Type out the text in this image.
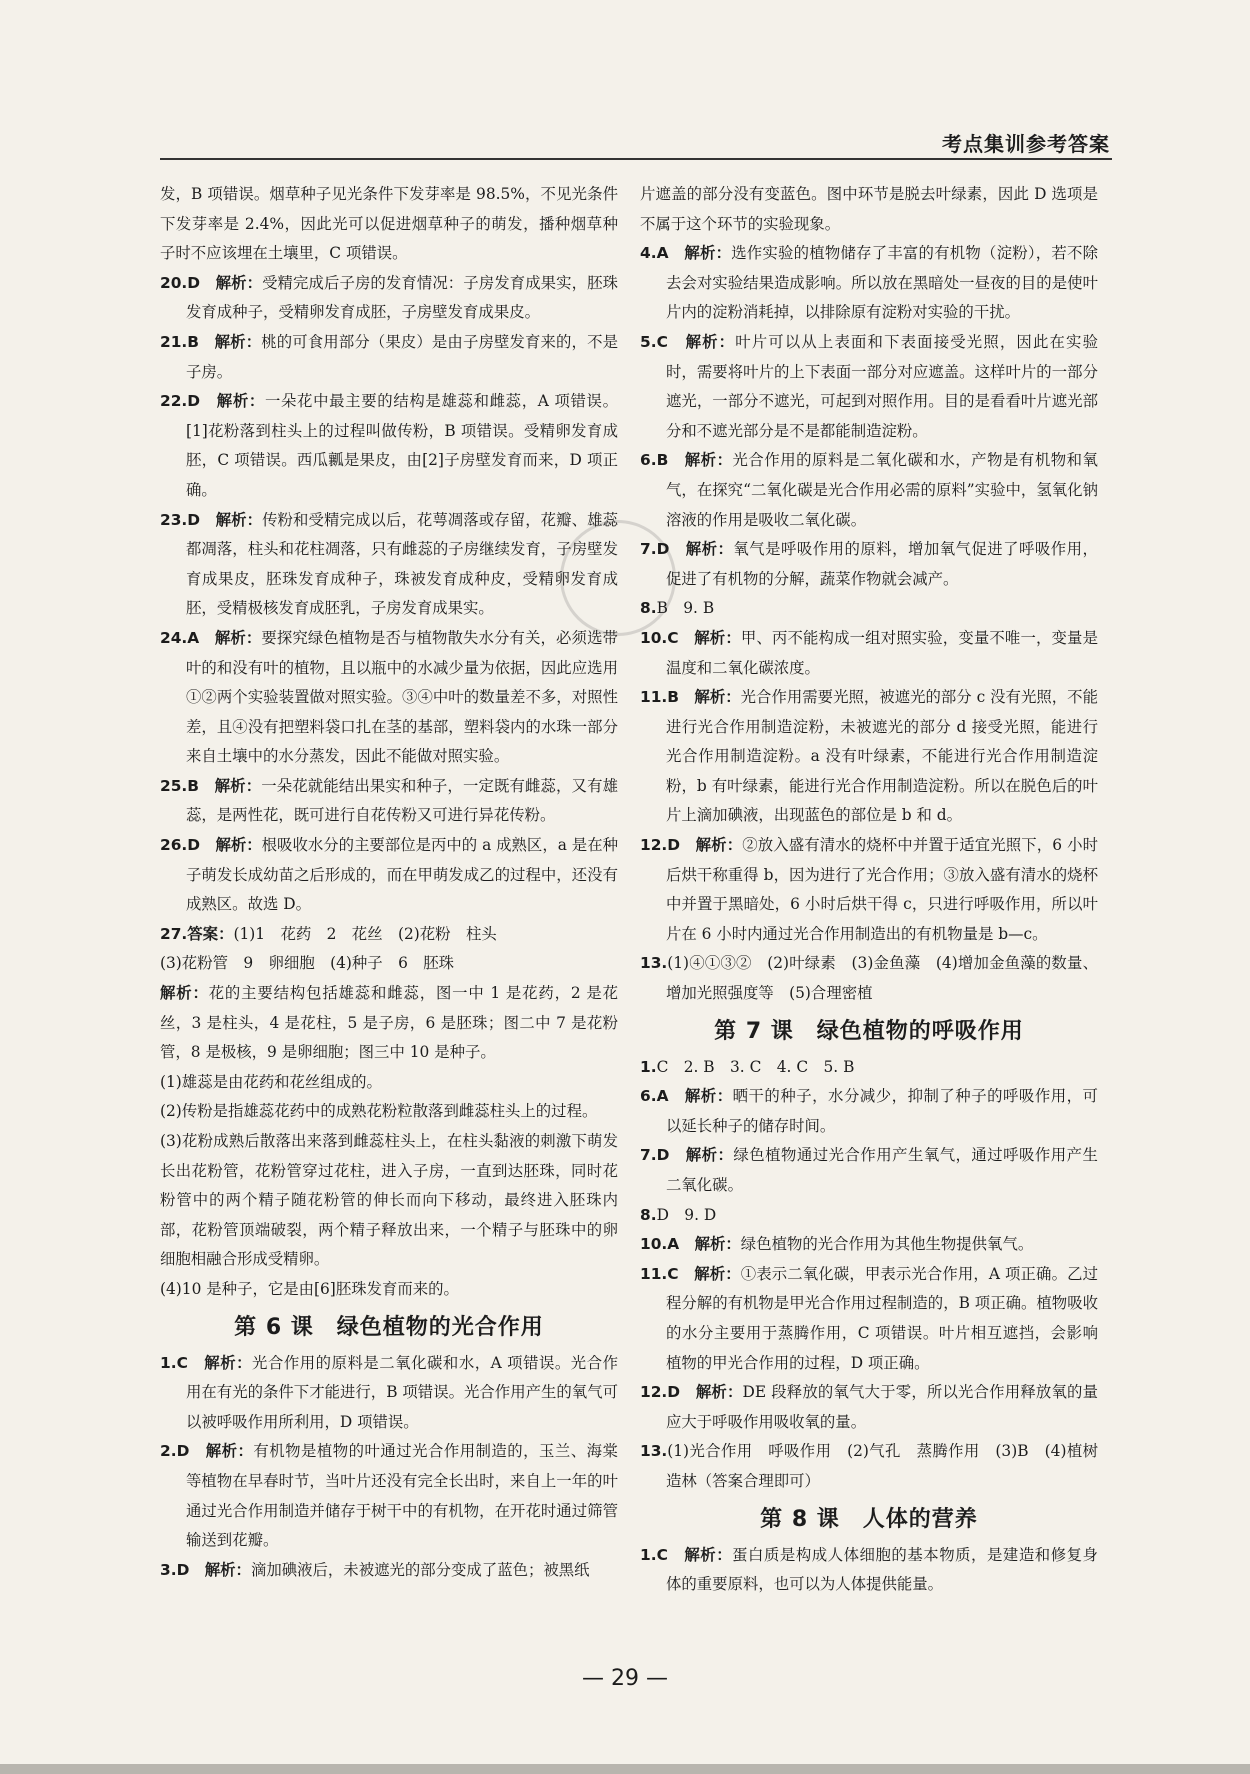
考点集训参考答案

发，B 项错误。烟草种子见光条件下发芽率是 98.5%，不见光条件下发芽率是 2.4%，因此光可以促进烟草种子的萌发，播种烟草种子时不应该埋在土壤里，C 项错误。

20.D　 解析 ： 受精完成后子房的发育情况：子房发育成果实，胚珠发育成种子，受精卵发育成胚，子房壁发育成果皮。

21.B　 解析 ： 桃的可食用部分（果皮）是由子房壁发育来的，不是子房。

22.D　 解析 ： 一朵花中最主要的结构是雄蕊和雌蕊，A 项错误。[1]花粉落到柱头上的过程叫做传粉，B 项错误。受精卵发育成胚，C 项错误。西瓜瓤是果皮，由[2]子房壁发育而来，D 项正确。

23.D　 解析 ： 传粉和受精完成以后，花萼凋落或存留，花瓣、雄蕊都凋落，柱头和花柱凋落，只有雌蕊的子房继续发育，子房壁发育成果皮，胚珠发育成种子，珠被发育成种皮，受精卵发育成胚，受精极核发育成胚乳，子房发育成果实。

24.A　 解析 ： 要探究绿色植物是否与植物散失水分有关，必须选带叶的和没有叶的植物，且以瓶中的水减少量为依据，因此应选用①②两个实验装置做对照实验。③④中叶的数量差不多，对照性差，且④没有把塑料袋口扎在茎的基部，塑料袋内的水珠一部分来自土壤中的水分蒸发，因此不能做对照实验。

25.B　 解析 ： 一朵花就能结出果实和种子，一定既有雌蕊，又有雄蕊，是两性花，既可进行自花传粉又可进行异花传粉。

26.D　 解析 ： 根吸收水分的主要部位是丙中的 a 成熟区，a 是在种子萌发长成幼苗之后形成的，而在甲萌发成乙的过程中，还没有成熟区。故选 D。

27.答案 ： (1)1　花药　2　花丝　(2)花粉　柱头

(3)花粉管　9　卵细胞　(4)种子　6　胚珠

解析 ： 花的主要结构包括雄蕊和雌蕊，图一中 1 是花药，2 是花丝，3 是柱头，4 是花柱，5 是子房，6 是胚珠；图二中 7 是花粉管，8 是极核，9 是卵细胞；图三中 10 是种子。

(1)雄蕊是由花药和花丝组成的。

(2)传粉是指雄蕊花药中的成熟花粉粒散落到雌蕊柱头上的过程。

(3)花粉成熟后散落出来落到雌蕊柱头上，在柱头黏液的刺激下萌发长出花粉管，花粉管穿过花柱，进入子房，一直到达胚珠，同时花粉管中的两个精子随花粉管的伸长而向下移动，最终进入胚珠内部，花粉管顶端破裂，两个精子释放出来，一个精子与胚珠中的卵细胞相融合形成受精卵。

(4)10 是种子，它是由[6]胚珠发育而来的。

第 6 课　绿色植物的光合作用

1.C　 解析 ： 光合作用的原料是二氧化碳和水，A 项错误。光合作用在有光的条件下才能进行，B 项错误。光合作用产生的氧气可以被呼吸作用所利用，D 项错误。

2.D　 解析 ： 有机物是植物的叶通过光合作用制造的，玉兰、海棠等植物在早春时节，当叶片还没有完全长出时，来自上一年的叶通过光合作用制造并储存于树干中的有机物，在开花时通过筛管输送到花瓣。

3.D　 解析 ： 滴加碘液后，未被遮光的部分变成了蓝色；被黑纸

片遮盖的部分没有变蓝色。图中环节是脱去叶绿素，因此 D 选项是不属于这个环节的实验现象。

4.A　 解析 ： 选作实验的植物储存了丰富的有机物（淀粉），若不除去会对实验结果造成影响。所以放在黑暗处一昼夜的目的是使叶片内的淀粉消耗掉，以排除原有淀粉对实验的干扰。

5.C　 解析 ： 叶片可以从上表面和下表面接受光照，因此在实验时，需要将叶片的上下表面一部分对应遮盖。这样叶片的一部分遮光，一部分不遮光，可起到对照作用。目的是看看叶片遮光部分和不遮光部分是不是都能制造淀粉。

6.B　 解析 ： 光合作用的原料是二氧化碳和水，产物是有机物和氧气，在探究“二氧化碳是光合作用必需的原料”实验中，氢氧化钠溶液的作用是吸收二氧化碳。

7.D　 解析 ： 氧气是呼吸作用的原料，增加氧气促进了呼吸作用，促进了有机物的分解，蔬菜作物就会减产。

8.B　9. B

10.C　 解析 ： 甲、丙不能构成一组对照实验，变量不唯一，变量是温度和二氧化碳浓度。

11.B　 解析 ： 光合作用需要光照，被遮光的部分 c 没有光照，不能进行光合作用制造淀粉，未被遮光的部分 d 接受光照，能进行光合作用制造淀粉。a 没有叶绿素，不能进行光合作用制造淀粉，b 有叶绿素，能进行光合作用制造淀粉。所以在脱色后的叶片上滴加碘液，出现蓝色的部位是 b 和 d。

12.D　 解析 ： ②放入盛有清水的烧杯中并置于适宜光照下，6 小时后烘干称重得 b，因为进行了光合作用；③放入盛有清水的烧杯中并置于黑暗处，6 小时后烘干得 c，只进行呼吸作用，所以叶片在 6 小时内通过光合作用制造出的有机物量是 b—c。

13.(1)④①③②　(2)叶绿素　(3)金鱼藻　(4)增加金鱼藻的数量、增加光照强度等　(5)合理密植

第 7 课　绿色植物的呼吸作用

1.C　2. B　3. C　4. C　5. B

6.A　 解析 ： 晒干的种子，水分减少，抑制了种子的呼吸作用，可以延长种子的储存时间。

7.D　 解析 ： 绿色植物通过光合作用产生氧气，通过呼吸作用产生二氧化碳。

8.D　9. D

10.A　 解析 ： 绿色植物的光合作用为其他生物提供氧气。

11.C　 解析 ： ①表示二氧化碳，甲表示光合作用，A 项正确。乙过程分解的有机物是甲光合作用过程制造的，B 项正确。植物吸收的水分主要用于蒸腾作用，C 项错误。叶片相互遮挡，会影响植物的甲光合作用的过程，D 项正确。

12.D　 解析 ： DE 段释放的氧气大于零，所以光合作用释放氧的量应大于呼吸作用吸收氧的量。

13.(1)光合作用　呼吸作用　(2)气孔　蒸腾作用　(3)B　(4)植树造林（答案合理即可）

第 8 课　人体的营养

1.C　 解析 ： 蛋白质是构成人体细胞的基本物质，是建造和修复身体的重要原料，也可以为人体提供能量。

— 29 —
